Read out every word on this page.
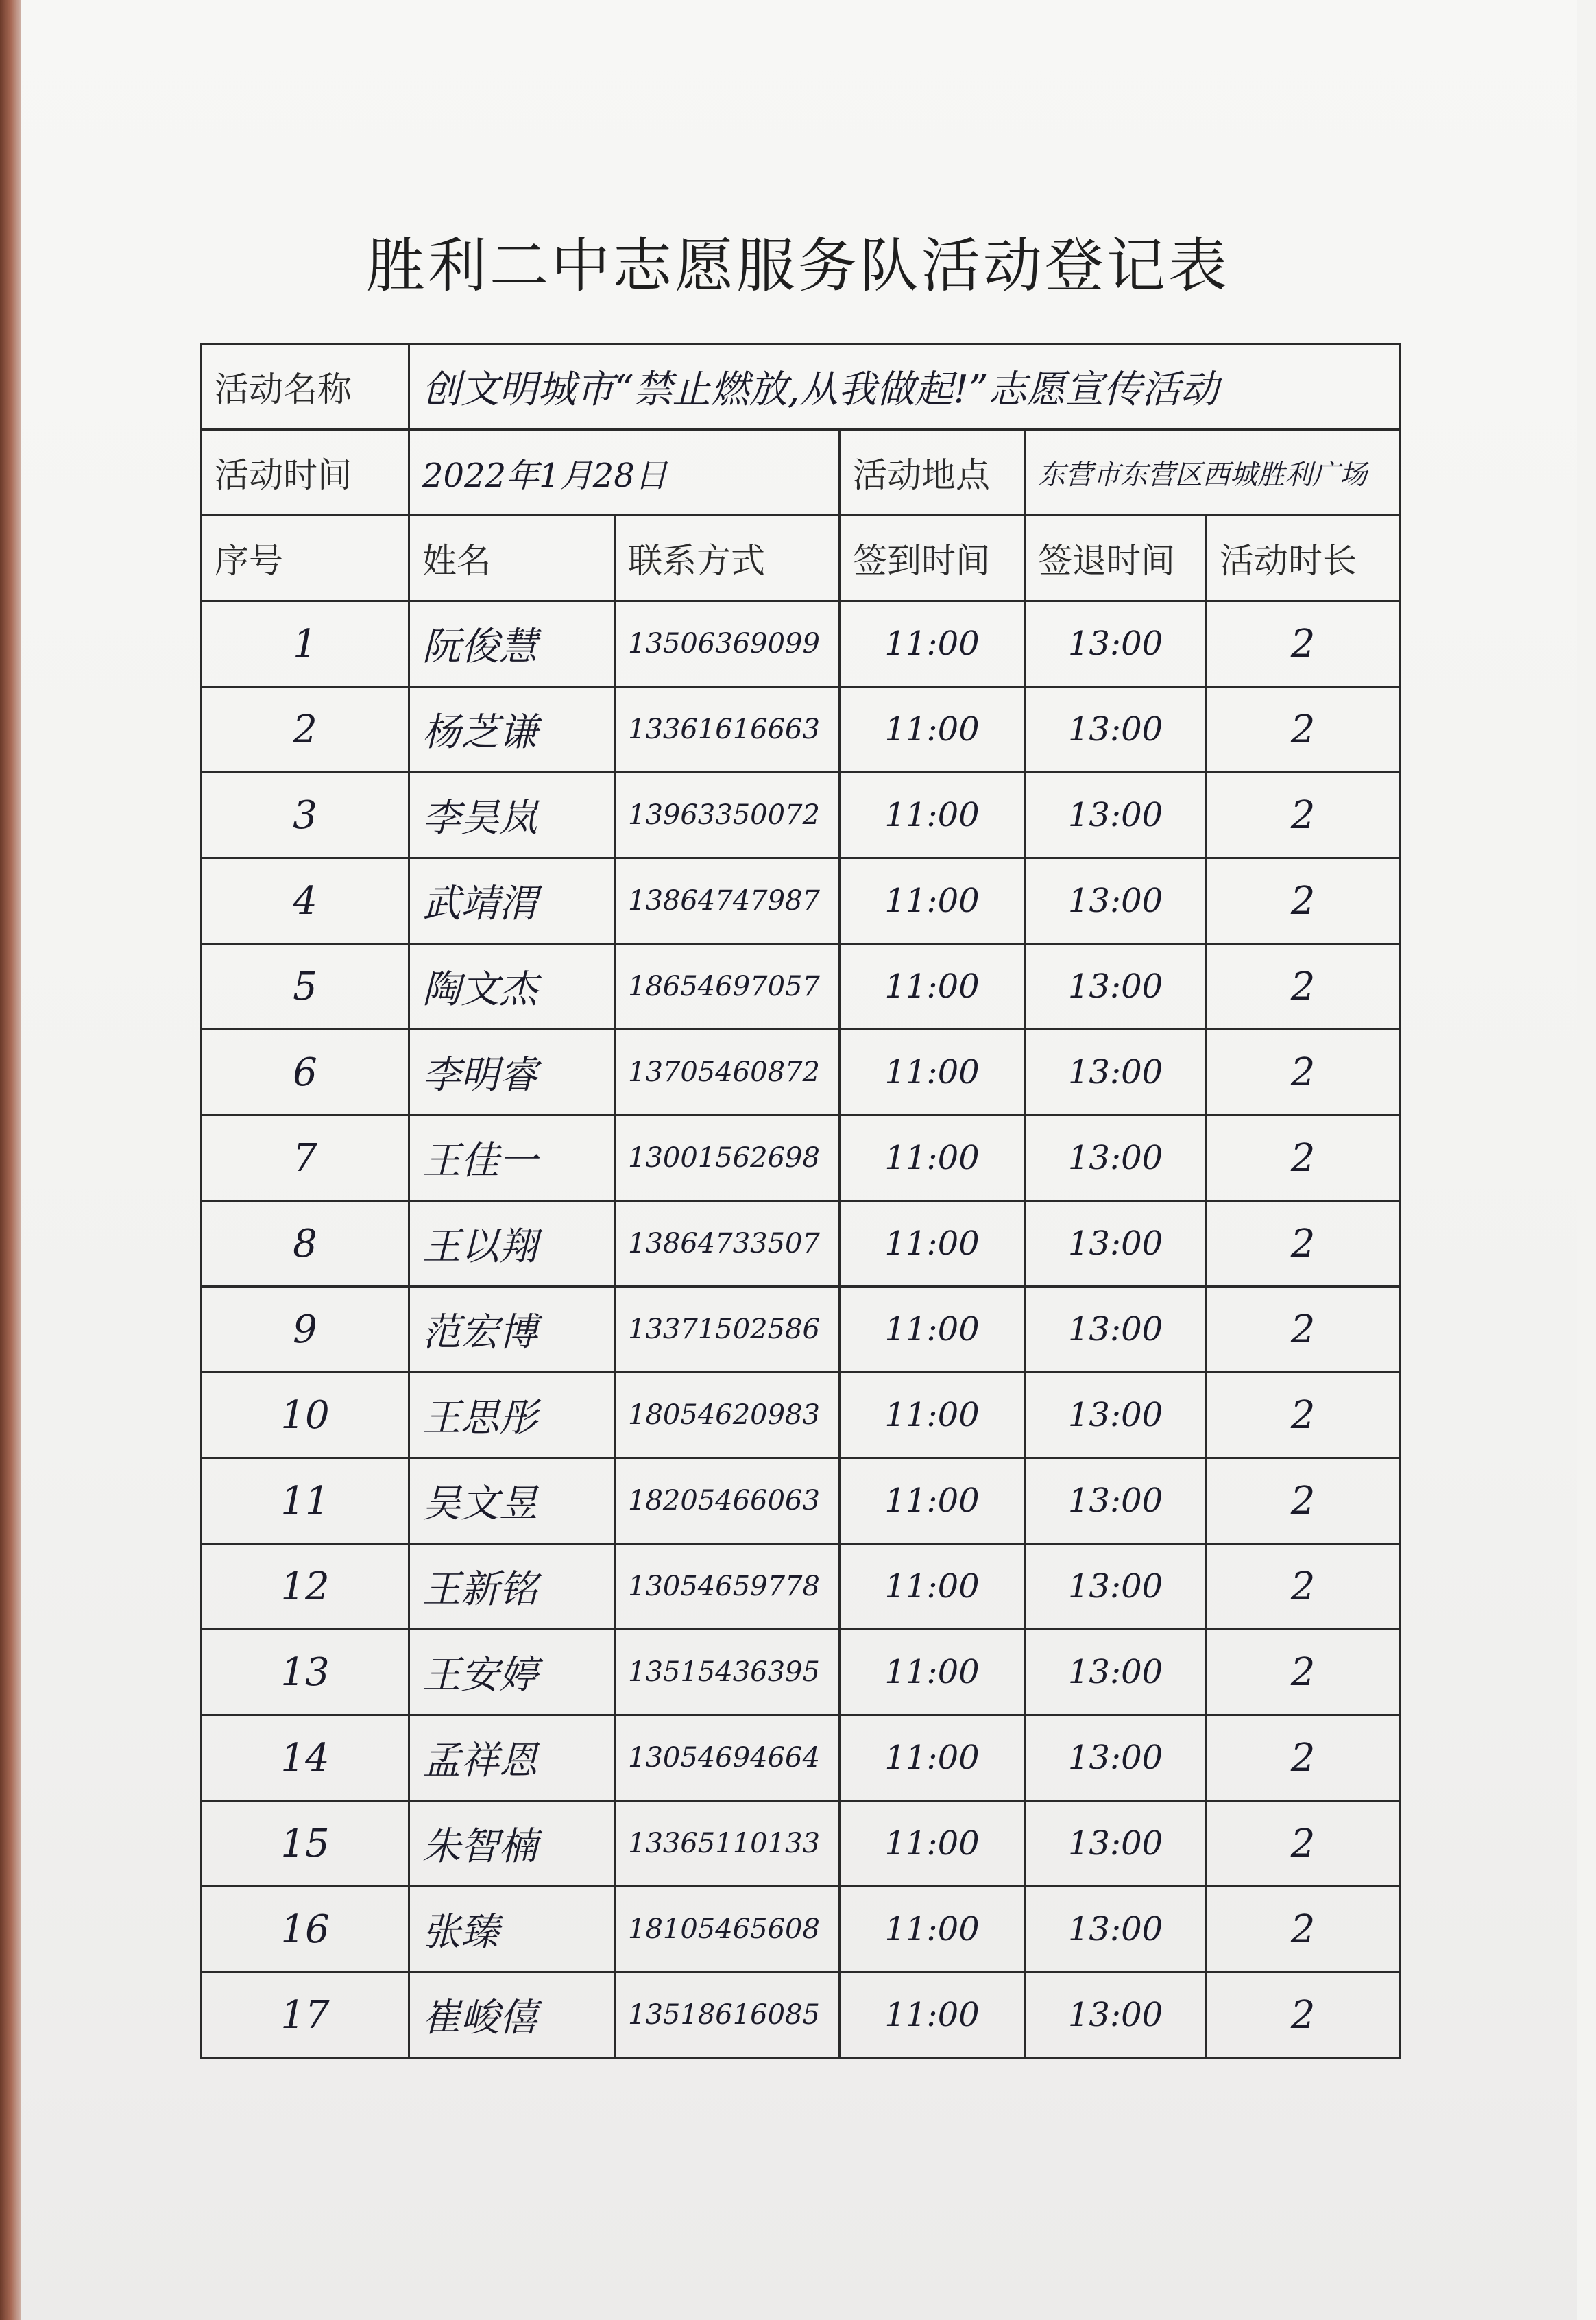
胜利二中志愿服务队活动登记表
活动名称	创文明城市“禁止燃放,从我做起!”志愿宣传活动				
活动时间	2022年1月28日		活动地点	东营市东营区西城胜利广场	
序号	姓名	联系方式	签到时间	签退时间	活动时长
1	阮俊慧	13506369099	11:00	13:00	2
2	杨芝谦	13361616663	11:00	13:00	2
3	李昊岚	13963350072	11:00	13:00	2
4	武靖渭	13864747987	11:00	13:00	2
5	陶文杰	18654697057	11:00	13:00	2
6	李明睿	13705460872	11:00	13:00	2
7	王佳一	13001562698	11:00	13:00	2
8	王以翔	13864733507	11:00	13:00	2
9	范宏博	13371502586	11:00	13:00	2
10	王思彤	18054620983	11:00	13:00	2
11	吴文昱	18205466063	11:00	13:00	2
12	王新铭	13054659778	11:00	13:00	2
13	王安婷	13515436395	11:00	13:00	2
14	孟祥恩	13054694664	11:00	13:00	2
15	朱智楠	13365110133	11:00	13:00	2
16	张臻	18105465608	11:00	13:00	2
17	崔峻僖	13518616085	11:00	13:00	2
